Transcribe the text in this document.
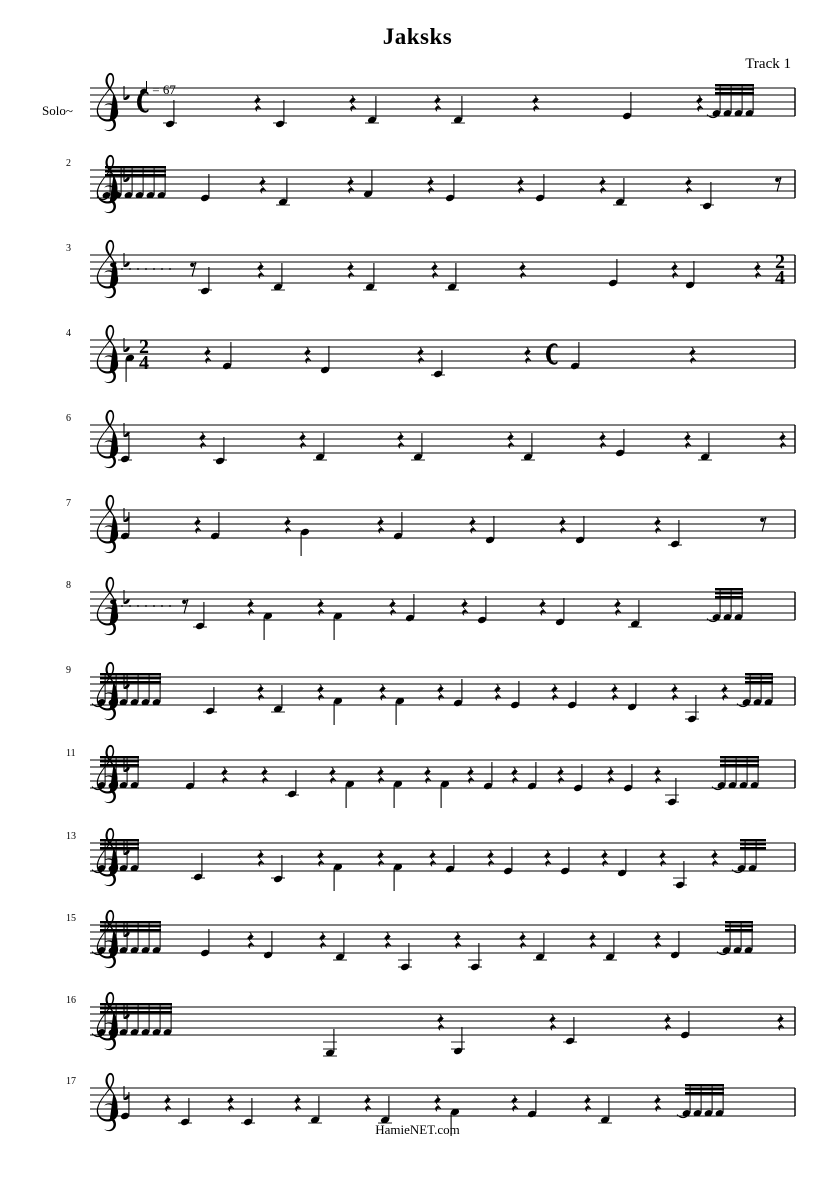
Jaksks
Track 1
Solo~
= 67
2
3
2
4
4
2
4
6
7
8
9
11
13
15
16
17
HamieNET.com
